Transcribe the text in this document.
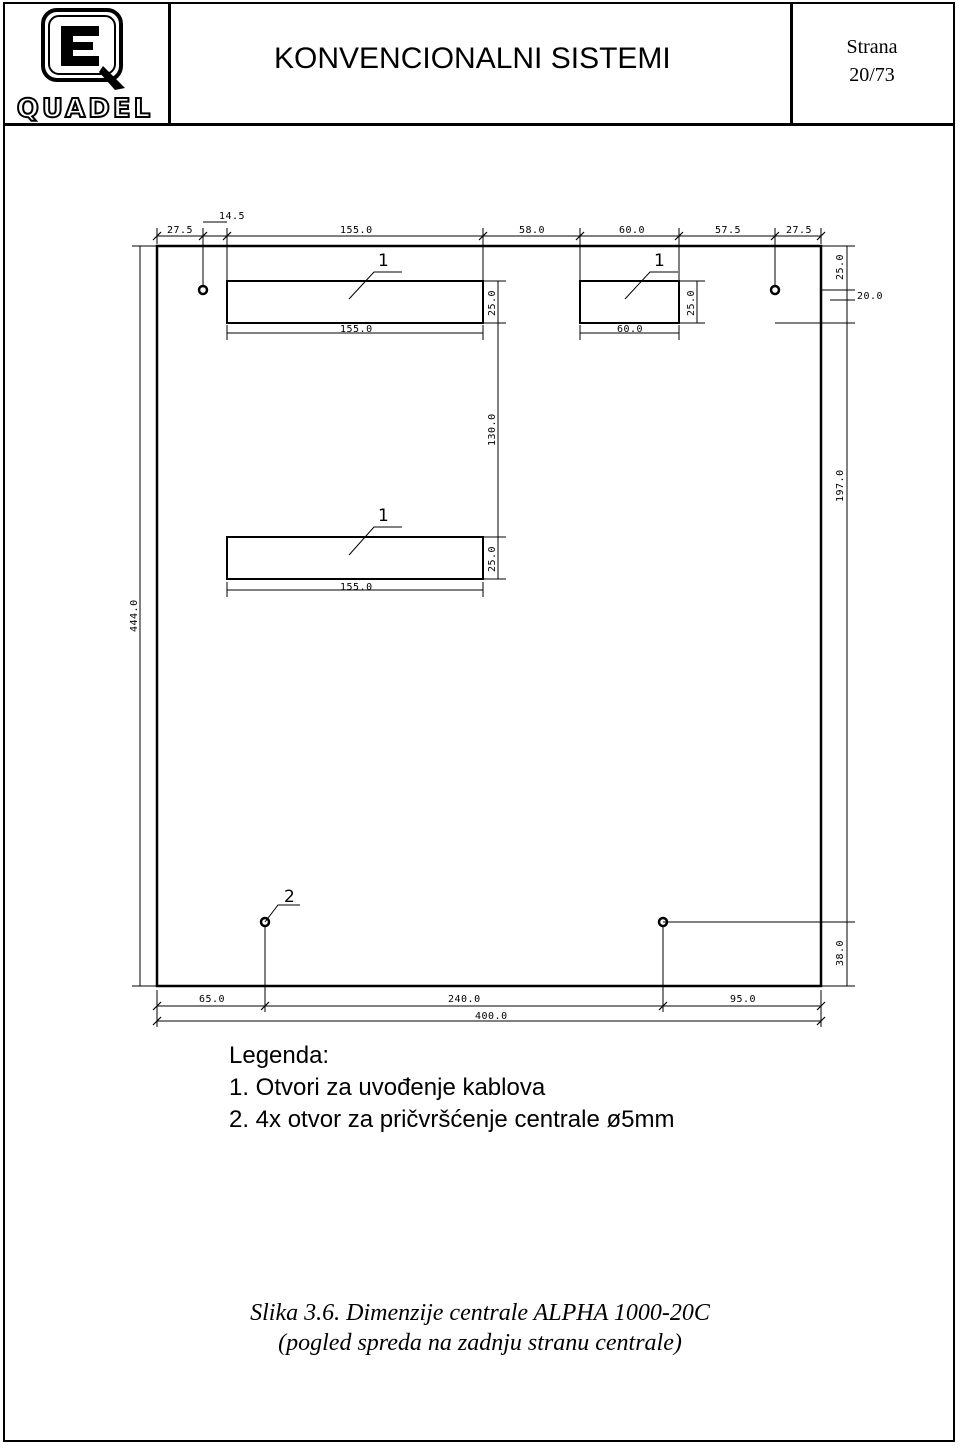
QUADEL
KONVENCIONALNI SISTEMI	Strana
20/73
27.5
14.5
155.0	58.0	60.0	57.5	27.5
155.0	60.0
155.0
25.0	25.0
25.0
130.0
25.0
20.0
197.0
38.0
444.0
65.0	240.0	95.0
400.0
1	1
1
2
Legenda:
1. Otvori za uvođenje kablova
2. 4x otvor za pričvršćenje centrale ø5mm
Slika 3.6. Dimenzije centrale ALPHA 1000-20C
(pogled spreda na zadnju stranu centrale)
